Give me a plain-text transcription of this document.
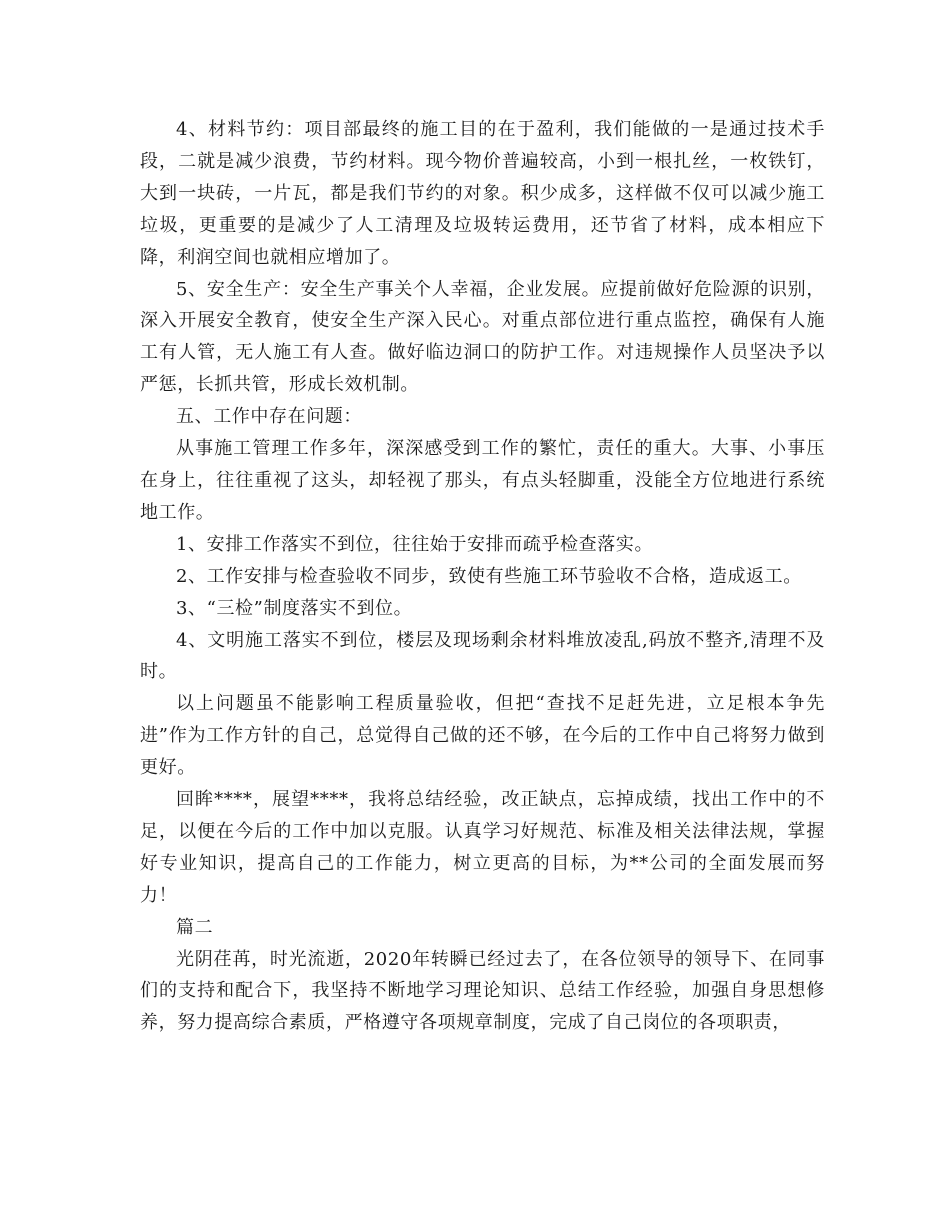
4、材料节约：项目部最终的施工目的在于盈利，我们能做的一是通过技术手段，二就是减少浪费，节约材料。现今物价普遍较高，小到一根扎丝，一枚铁钉，大到一块砖，一片瓦，都是我们节约的对象。积少成多，这样做不仅可以减少施工垃圾，更重要的是减少了人工清理及垃圾转运费用，还节省了材料，成本相应下降，利润空间也就相应增加了。

5、安全生产：安全生产事关个人幸福，企业发展。应提前做好危险源的识别，深入开展安全教育，使安全生产深入民心。对重点部位进行重点监控，确保有人施工有人管，无人施工有人查。做好临边洞口的防护工作。对违规操作人员坚决予以严惩，长抓共管，形成长效机制。

五、工作中存在问题：

从事施工管理工作多年，深深感受到工作的繁忙，责任的重大。大事、小事压在身上，往往重视了这头，却轻视了那头，有点头轻脚重，没能全方位地进行系统地工作。

1、安排工作落实不到位，往往始于安排而疏乎检查落实。

2、工作安排与检查验收不同步，致使有些施工环节验收不合格，造成返工。

3、“三检”制度落实不到位。

4、文明施工落实不到位，楼层及现场剩余材料堆放凌乱,码放不整齐,清理不及时。

以上问题虽不能影响工程质量验收，但把“查找不足赶先进，立足根本争先进”作为工作方针的自己，总觉得自己做的还不够，在今后的工作中自己将努力做到更好。

回眸****，展望****，我将总结经验，改正缺点，忘掉成绩，找出工作中的不足，以便在今后的工作中加以克服。认真学习好规范、标准及相关法律法规，掌握好专业知识，提高自己的工作能力，树立更高的目标，为**公司的全面发展而努力！

篇二

光阴荏苒，时光流逝，2020年转瞬已经过去了，在各位领导的领导下、在同事们的支持和配合下，我坚持不断地学习理论知识、总结工作经验，加强自身思想修养，努力提高综合素质，严格遵守各项规章制度，完成了自己岗位的各项职责，
